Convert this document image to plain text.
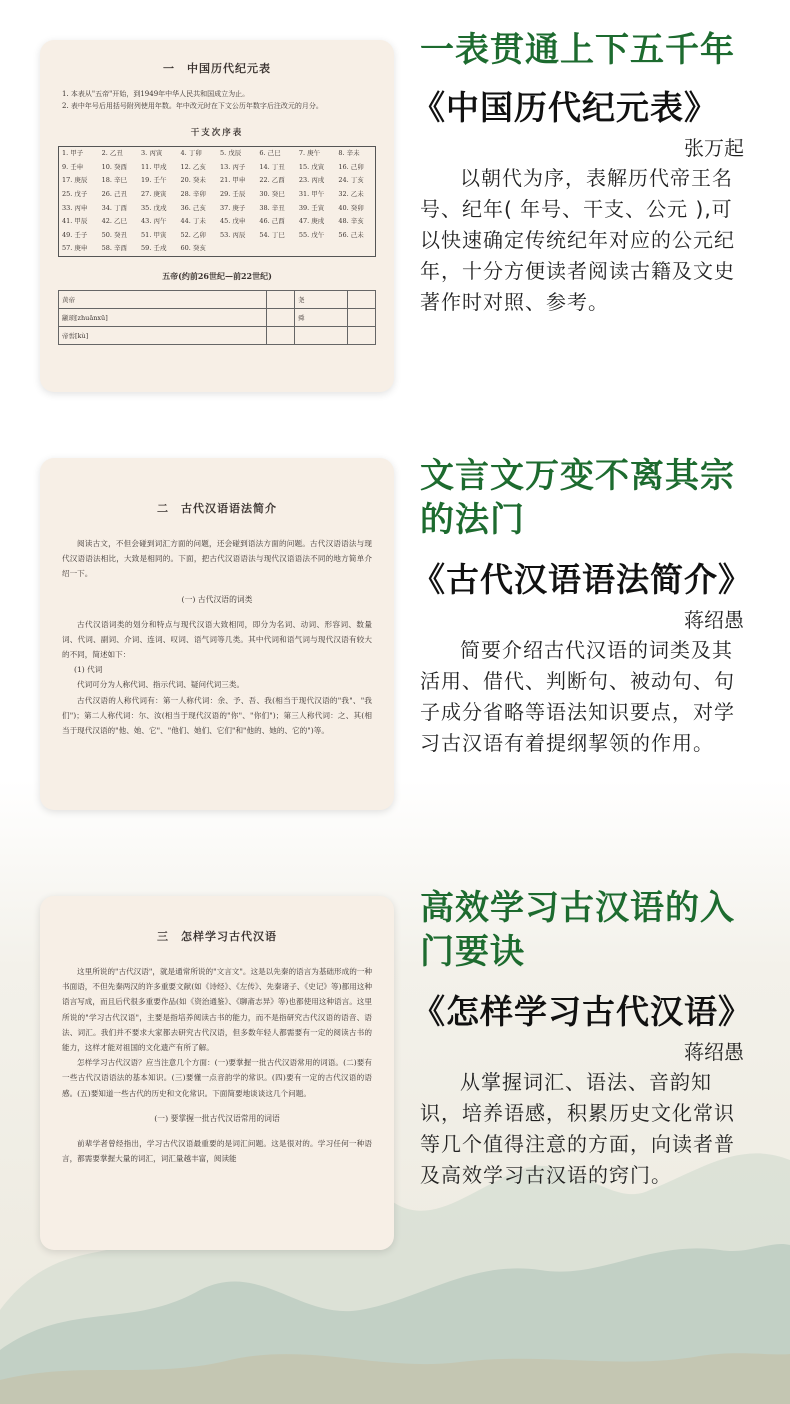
一　中国历代纪元表
1. 本表从"五帝"开始，到1949年中华人民共和国成立为止。
2. 表中年号后用括号附列使用年数。年中改元时在下文公历年数字后注改元的月分。
干支次序表
1. 甲子	2. 乙丑	3. 丙寅	4. 丁卯	5. 戊辰	6. 己巳	7. 庚午	8. 辛未
9. 壬申	10. 癸酉	11. 甲戌	12. 乙亥	13. 丙子	14. 丁丑	15. 戊寅	16. 己卯
17. 庚辰	18. 辛巳	19. 壬午	20. 癸未	21. 甲申	22. 乙酉	23. 丙戌	24. 丁亥
25. 戊子	26. 己丑	27. 庚寅	28. 辛卯	29. 壬辰	30. 癸巳	31. 甲午	32. 乙未
33. 丙申	34. 丁酉	35. 戊戌	36. 己亥	37. 庚子	38. 辛丑	39. 壬寅	40. 癸卯
41. 甲辰	42. 乙巳	43. 丙午	44. 丁未	45. 戊申	46. 己酉	47. 庚戌	48. 辛亥
49. 壬子	50. 癸丑	51. 甲寅	52. 乙卯	53. 丙辰	54. 丁巳	55. 戊午	56. 己未
57. 庚申	58. 辛酉	59. 壬戌	60. 癸亥				
五帝(约前26世纪—前22世纪)
黄帝		尧	
颛顼[zhuānxū]		舜	
帝喾[kù]			
二　古代汉语语法简介

阅读古文，不但会碰到词汇方面的问题，还会碰到语法方面的问题。古代汉语语法与现代汉语语法相比，大致是相同的。下面，把古代汉语语法与现代汉语语法不同的地方简单介绍一下。

(一) 古代汉语的词类

古代汉语词类的划分和特点与现代汉语大致相同，即分为名词、动词、形容词、数量词、代词、副词、介词、连词、叹词、语气词等几类。其中代词和语气词与现代汉语有较大的不同，简述如下：

(1) 代词

代词可分为人称代词、指示代词、疑问代词三类。

古代汉语的人称代词有：第一人称代词：余、予、吾、我(相当于现代汉语的"我"、"我们")；第二人称代词：尔、汝(相当于现代汉语的"你"、"你们")；第三人称代词：之、其(相当于现代汉语的"他、她、它"、"他们、她们、它们"和"他的、她的、它的")等。

三　怎样学习古代汉语

这里所说的"古代汉语"，就是通常所说的"文言文"。这是以先秦的语言为基础形成的一种书面语，不但先秦两汉的许多重要文献(如《诗经》、《左传》、先秦诸子、《史记》等)都用这种语言写成，而且后代很多重要作品(如《资治通鉴》、《聊斋志异》等)也都使用这种语言。这里所说的"学习古代汉语"，主要是指培养阅读古书的能力，而不是指研究古代汉语的语音、语法、词汇。我们并不要求大家都去研究古代汉语，但多数年轻人都需要有一定的阅读古书的能力，这样才能对祖国的文化遗产有所了解。

怎样学习古代汉语？应当注意几个方面：(一)要掌握一批古代汉语常用的词语。(二)要有一些古代汉语语法的基本知识。(三)要懂一点音韵学的常识。(四)要有一定的古代汉语的语感。(五)要知道一些古代的历史和文化常识。下面简要地谈谈这几个问题。

(一) 要掌握一批古代汉语常用的词语

前辈学者曾经指出，学习古代汉语最重要的是词汇问题。这是很对的。学习任何一种语言，都需要掌握大量的词汇，词汇量越丰富，阅读能

一表贯通上下五千年
《中国历代纪元表》
张万起

以朝代为序，表解历代帝王名号、纪年( 年号、干支、公元 ),可以快速确定传统纪年对应的公元纪年，十分方便读者阅读古籍及文史著作时对照、参考。

文言文万变不离其宗的法门
《古代汉语语法简介》
蒋绍愚

简要介绍古代汉语的词类及其活用、借代、判断句、被动句、句子成分省略等语法知识要点，对学习古汉语有着提纲挈领的作用。

高效学习古汉语的入门要诀
《怎样学习古代汉语》
蒋绍愚

从掌握词汇、语法、音韵知识，培养语感，积累历史文化常识等几个值得注意的方面，向读者普及高效学习古汉语的窍门。
